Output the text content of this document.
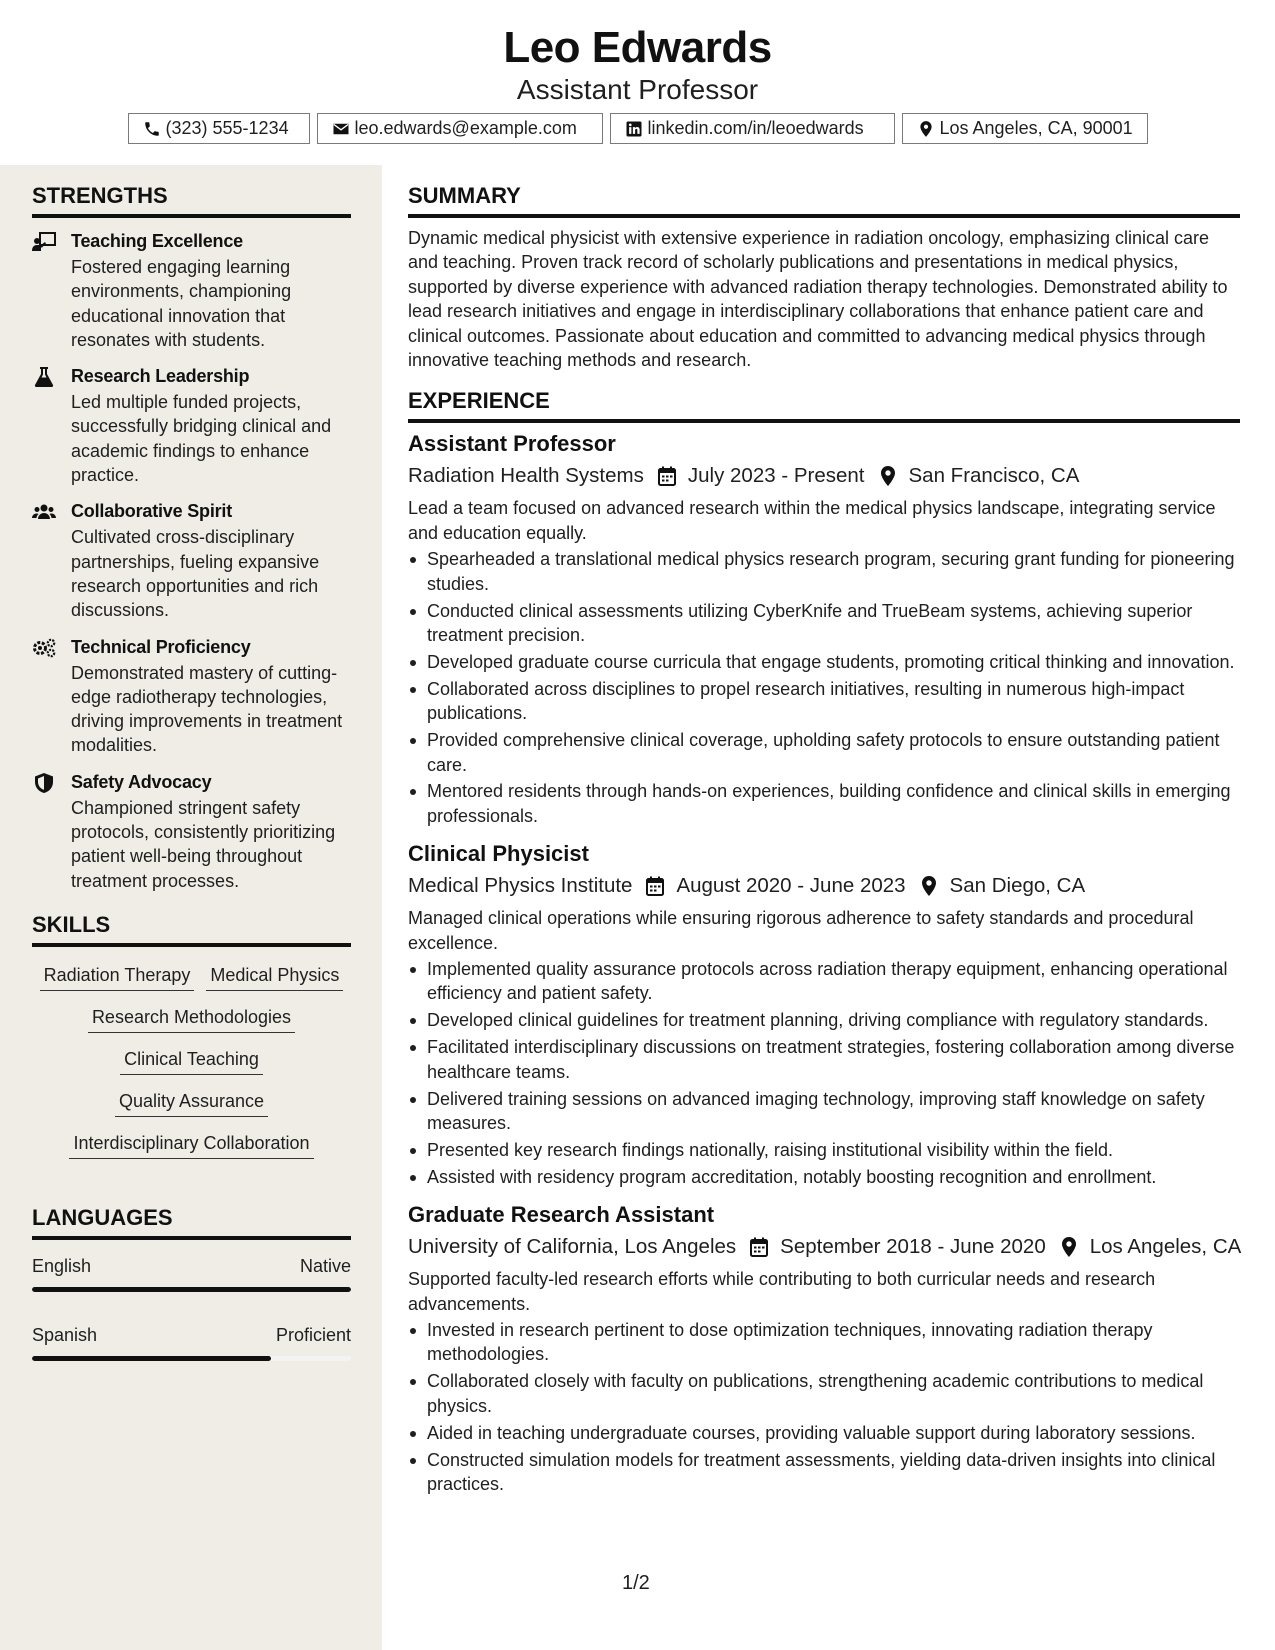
Leo Edwards
Assistant Professor
(323) 555-1234	leo.edwards@example.com	linkedin.com/in/leoedwards	Los Angeles, CA, 90001
STRENGTHS
Teaching Excellence
Fostered engaging learning environments, championing educational innovation that resonates with students.
Research Leadership
Led multiple funded projects, successfully bridging clinical and academic findings to enhance practice.
Collaborative Spirit
Cultivated cross-disciplinary partnerships, fueling expansive research opportunities and rich discussions.
Technical Proficiency
Demonstrated mastery of cutting-edge radiotherapy technologies, driving improvements in treatment modalities.
Safety Advocacy
Championed stringent safety protocols, consistently prioritizing patient well-being throughout treatment processes.
SKILLS
Radiation Therapy Medical Physics
Research Methodologies
Clinical Teaching
Quality Assurance
Interdisciplinary Collaboration
LANGUAGES
English	Native
Spanish	Proficient
SUMMARY
Dynamic medical physicist with extensive experience in radiation oncology, emphasizing clinical care and teaching. Proven track record of scholarly publications and presentations in medical physics, supported by diverse experience with advanced radiation therapy technologies. Demonstrated ability to lead research initiatives and engage in interdisciplinary collaborations that enhance patient care and clinical outcomes. Passionate about education and committed to advancing medical physics through innovative teaching methods and research.
EXPERIENCE
Assistant Professor
Radiation Health Systems July 2023 - Present San Francisco, CA
Lead a team focused on advanced research within the medical physics landscape, integrating service and education equally.
Spearheaded a translational medical physics research program, securing grant funding for pioneering studies.
Conducted clinical assessments utilizing CyberKnife and TrueBeam systems, achieving superior treatment precision.
Developed graduate course curricula that engage students, promoting critical thinking and innovation.
Collaborated across disciplines to propel research initiatives, resulting in numerous high-impact publications.
Provided comprehensive clinical coverage, upholding safety protocols to ensure outstanding patient care.
Mentored residents through hands-on experiences, building confidence and clinical skills in emerging professionals.
Clinical Physicist
Medical Physics Institute August 2020 - June 2023 San Diego, CA
Managed clinical operations while ensuring rigorous adherence to safety standards and procedural excellence.
Implemented quality assurance protocols across radiation therapy equipment, enhancing operational efficiency and patient safety.
Developed clinical guidelines for treatment planning, driving compliance with regulatory standards.
Facilitated interdisciplinary discussions on treatment strategies, fostering collaboration among diverse healthcare teams.
Delivered training sessions on advanced imaging technology, improving staff knowledge on safety measures.
Presented key research findings nationally, raising institutional visibility within the field.
Assisted with residency program accreditation, notably boosting recognition and enrollment.
Graduate Research Assistant
University of California, Los Angeles September 2018 - June 2020 Los Angeles, CA
Supported faculty-led research efforts while contributing to both curricular needs and research advancements.
Invested in research pertinent to dose optimization techniques, innovating radiation therapy methodologies.
Collaborated closely with faculty on publications, strengthening academic contributions to medical physics.
Aided in teaching undergraduate courses, providing valuable support during laboratory sessions.
Constructed simulation models for treatment assessments, yielding data-driven insights into clinical practices.
1/2
